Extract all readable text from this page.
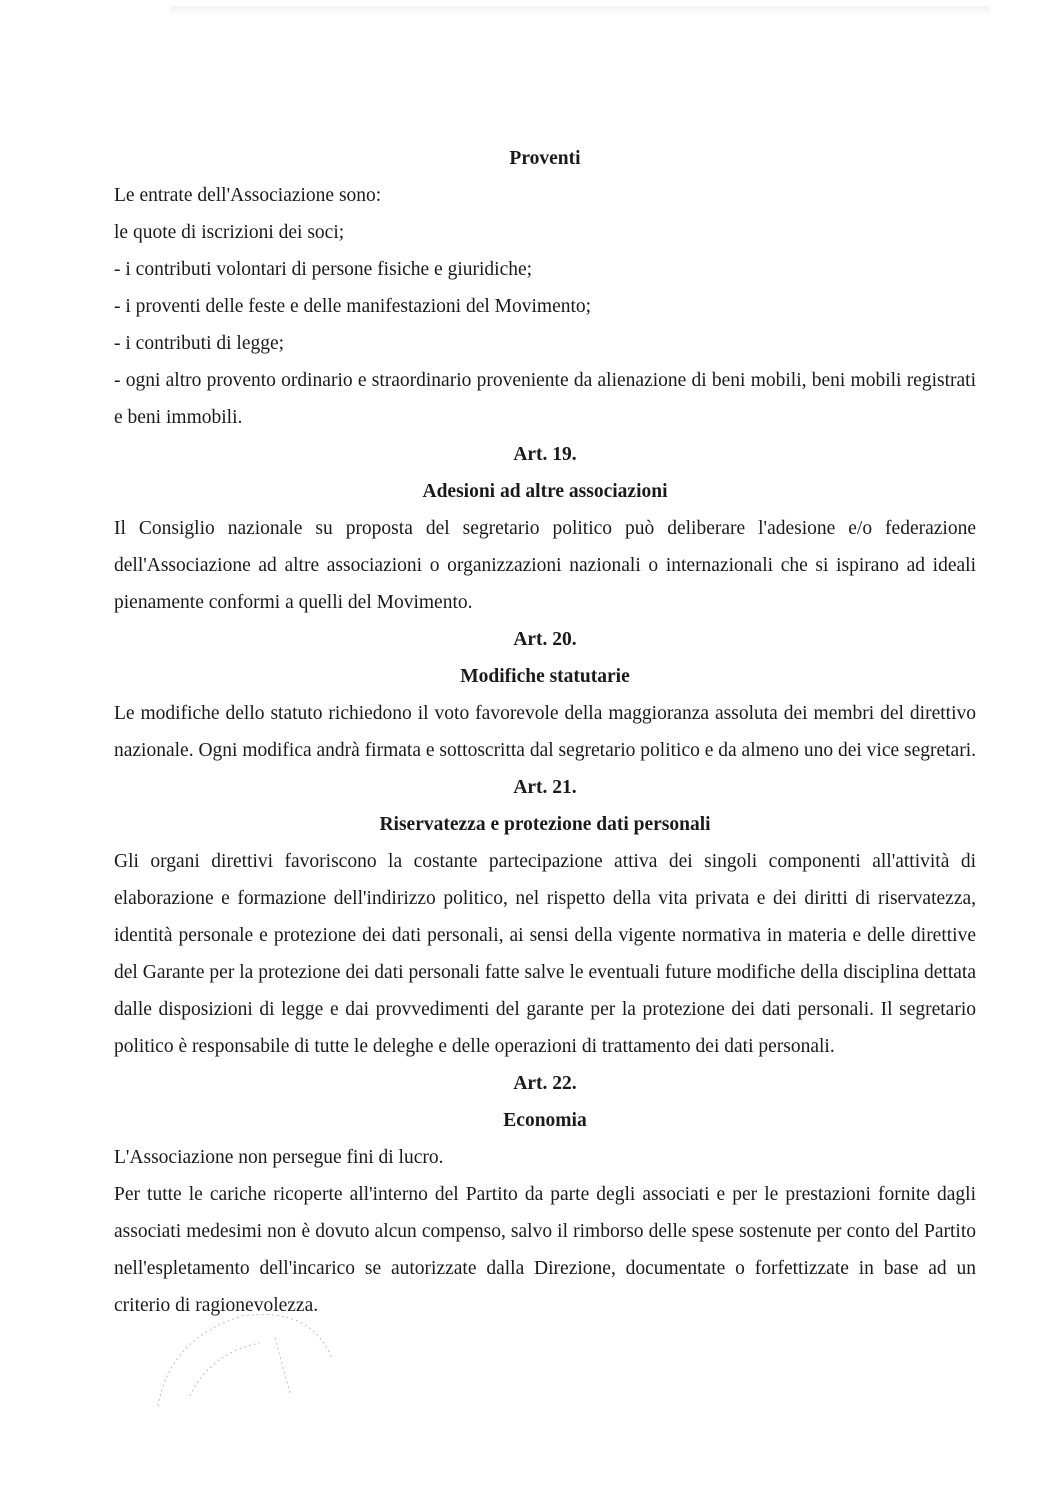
Proventi

Le entrate dell'Associazione sono:

le quote di iscrizioni dei soci;

- i contributi volontari di persone fisiche e giuridiche;

- i proventi delle feste e delle manifestazioni del Movimento;

- i contributi di legge;

- ogni altro provento ordinario e straordinario proveniente da alienazione di beni mobili, beni mobili registrati e beni immobili.

Art. 19.

Adesioni ad altre associazioni

Il Consiglio nazionale su proposta del segretario politico può deliberare l'adesione e/o federazione dell'Associazione ad altre associazioni o organizzazioni nazionali o internazionali che si ispirano ad ideali pienamente conformi a quelli del Movimento.

Art. 20.

Modifiche statutarie

Le modifiche dello statuto richiedono il voto favorevole della maggioranza assoluta dei membri del direttivo nazionale. Ogni modifica andrà firmata e sottoscritta dal segretario politico e da almeno uno dei vice segretari.

Art. 21.

Riservatezza e protezione dati personali

Gli organi direttivi favoriscono la costante partecipazione attiva dei singoli componenti all'attività di elaborazione e formazione dell'indirizzo politico, nel rispetto della vita privata e dei diritti di riservatezza, identità personale e protezione dei dati personali, ai sensi della vigente normativa in materia e delle direttive del Garante per la protezione dei dati personali fatte salve le eventuali future modifiche della disciplina dettata dalle disposizioni di legge e dai provvedimenti del garante per la protezione dei dati personali. Il segretario politico è responsabile di tutte le deleghe e delle operazioni di trattamento dei dati personali.

Art. 22.

Economia

L'Associazione non persegue fini di lucro.

Per tutte le cariche ricoperte all'interno del Partito da parte degli associati e per le prestazioni fornite dagli associati medesimi non è dovuto alcun compenso, salvo il rimborso delle spese sostenute per conto del Partito nell'espletamento dell'incarico se autorizzate dalla Direzione, documentate o forfettizzate in base ad un criterio di ragionevolezza.
